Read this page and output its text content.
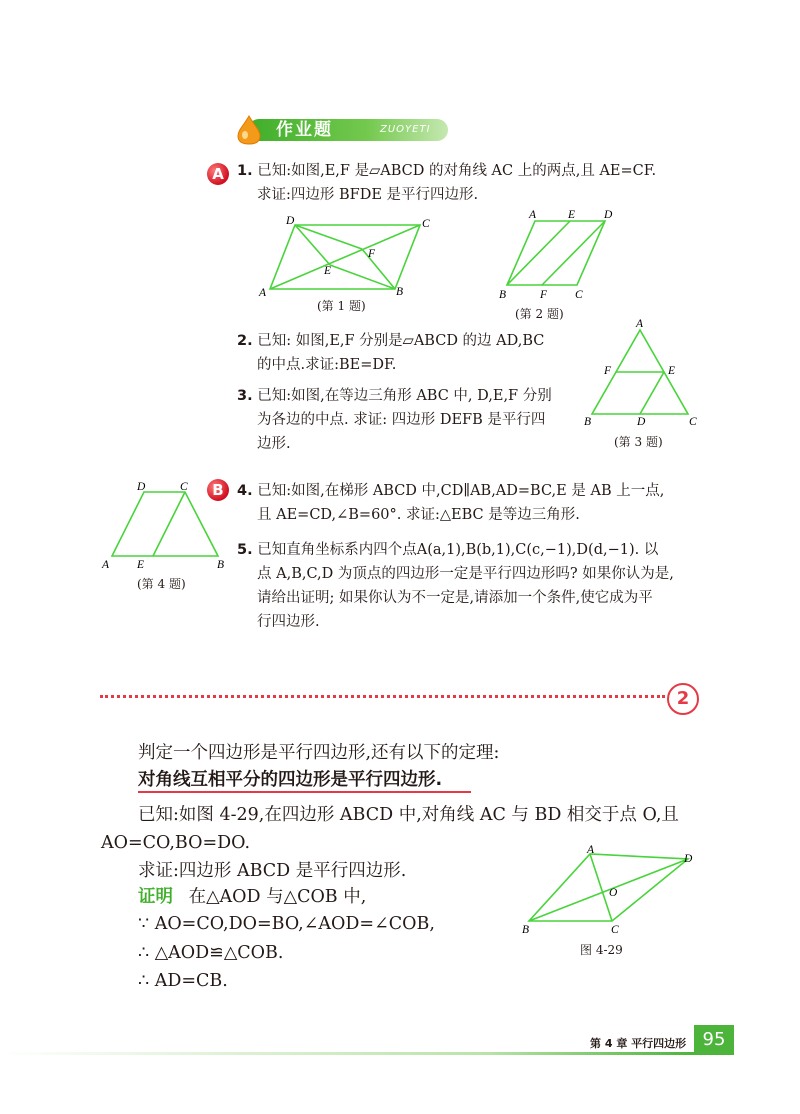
作业题	ZUOYETI
A 1. 已知:如图,E,F 是▱ABCD 的对角线 AC 上的两点,且 AE=CF.
求证:四边形 BFDE 是平行四边形.
D	C
F
E
A	B
(第 1 题)
A	E	D
B	F C
(第 2 题)
2. 已知: 如图,E,F 分别是▱ABCD 的边 AD,BC
的中点.求证:BE=DF.
3. 已知:如图,在等边三角形 ABC 中, D,E,F 分别
为各边的中点. 求证: 四边形 DEFB 是平行四
边形.
A
F	E
B	D	C
(第 3 题)
B 4. 已知:如图,在梯形 ABCD 中,CD∥AB,AD=BC,E 是 AB 上一点,
且 AE=CD,∠B=60°. 求证:△EBC 是等边三角形.
D	C
A E	B
(第 4 题)
5. 已知直角坐标系内四个点A(a,1),B(b,1),C(c,−1),D(d,−1). 以
点 A,B,C,D 为顶点的四边形一定是平行四边形吗? 如果你认为是,
请给出证明; 如果你认为不一定是,请添加一个条件,使它成为平
行四边形.
2
判定一个四边形是平行四边形,还有以下的定理:
对角线互相平分的四边形是平行四边形.
已知:如图 4-29,在四边形 ABCD 中,对角线 AC 与 BD 相交于点 O,且
AO=CO,BO=DO.
求证:四边形 ABCD 是平行四边形.
证明 在△AOD 与△COB 中,
∵ AO=CO,DO=BO,∠AOD=∠COB,
∴ △AOD≌△COB.
∴ AD=CB.
A
D
O
B	C
图 4-29
第 4 章 平行四边形 95
